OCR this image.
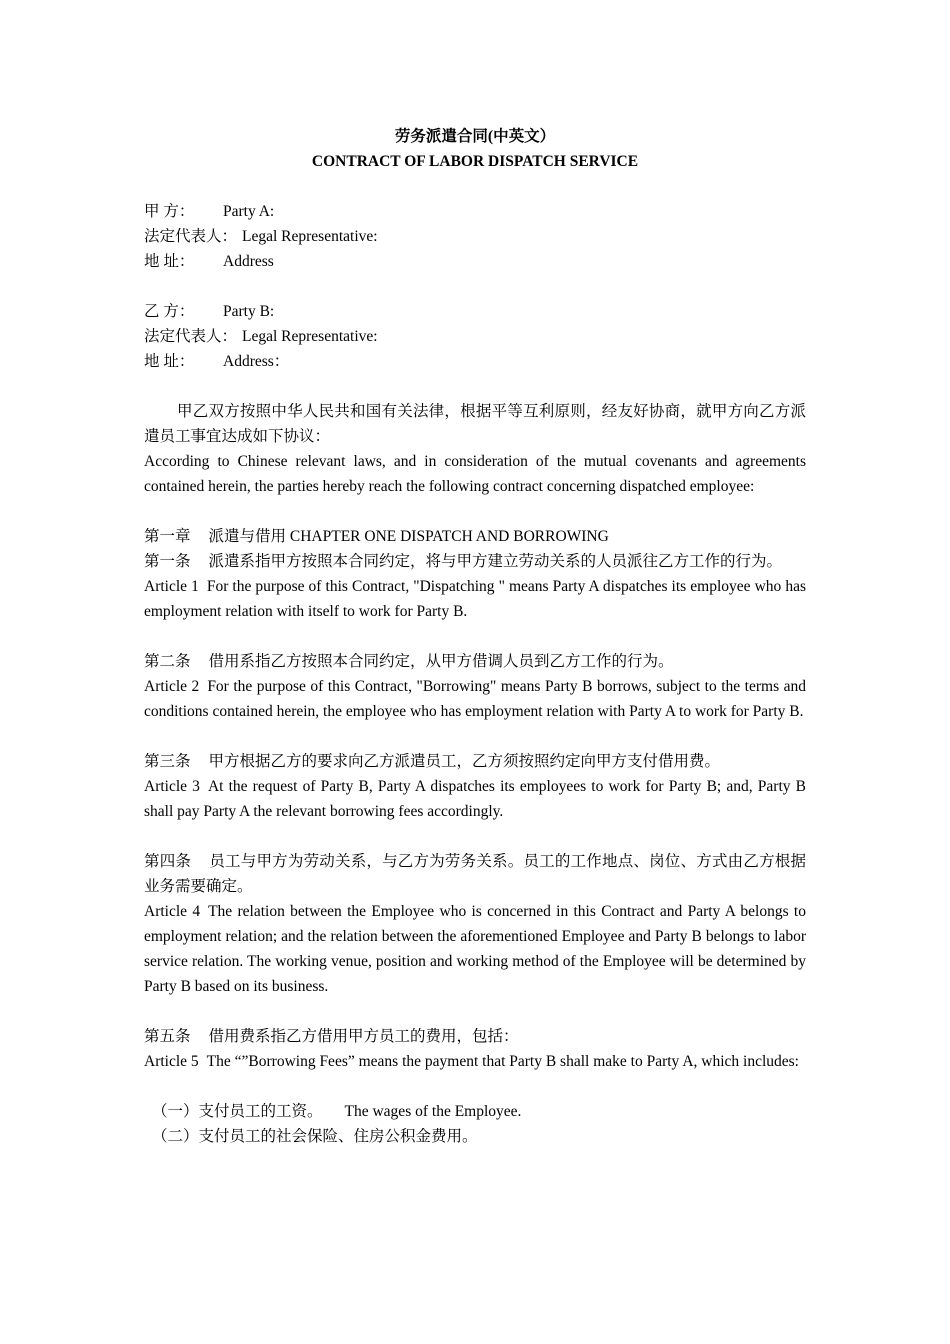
劳务派遣合同(中英文）
CONTRACT OF LABOR DISPATCH SERVICE
甲 方：	Party A:
法定代表人： Legal Representative:
地 址：	Address
乙 方：	Party B:
法定代表人： Legal Representative:
地 址：	Address：
甲乙双方按照中华人民共和国有关法律，根据平等互利原则，经友好协商，就甲方向乙方派遣员工事宜达成如下协议：
According to Chinese relevant laws, and in consideration of the mutual covenants and agreements contained herein, the parties hereby reach the following contract concerning dispatched employee:
第一章 派遣与借用 CHAPTER ONE DISPATCH AND BORROWING
第一条 派遣系指甲方按照本合同约定，将与甲方建立劳动关系的人员派往乙方工作的行为。
Article 1 For the purpose of this Contract, "Dispatching " means Party A dispatches its employee who has employment relation with itself to work for Party B.
第二条 借用系指乙方按照本合同约定，从甲方借调人员到乙方工作的行为。
Article 2 For the purpose of this Contract, "Borrowing" means Party B borrows, subject to the terms and conditions contained herein, the employee who has employment relation with Party A to work for Party B.
第三条 甲方根据乙方的要求向乙方派遣员工，乙方须按照约定向甲方支付借用费。
Article 3 At the request of Party B, Party A dispatches its employees to work for Party B; and, Party B shall pay Party A the relevant borrowing fees accordingly.
第四条 员工与甲方为劳动关系，与乙方为劳务关系。员工的工作地点、岗位、方式由乙方根据业务需要确定。
Article 4 The relation between the Employee who is concerned in this Contract and Party A belongs to employment relation; and the relation between the aforementioned Employee and Party B belongs to labor service relation. The working venue, position and working method of the Employee will be determined by Party B based on its business.
第五条 借用费系指乙方借用甲方员工的费用，包括：
Article 5 The “”Borrowing Fees” means the payment that Party B shall make to Party A, which includes:
（一）支付员工的工资。 The wages of the Employee.
（二）支付员工的社会保险、住房公积金费用。
